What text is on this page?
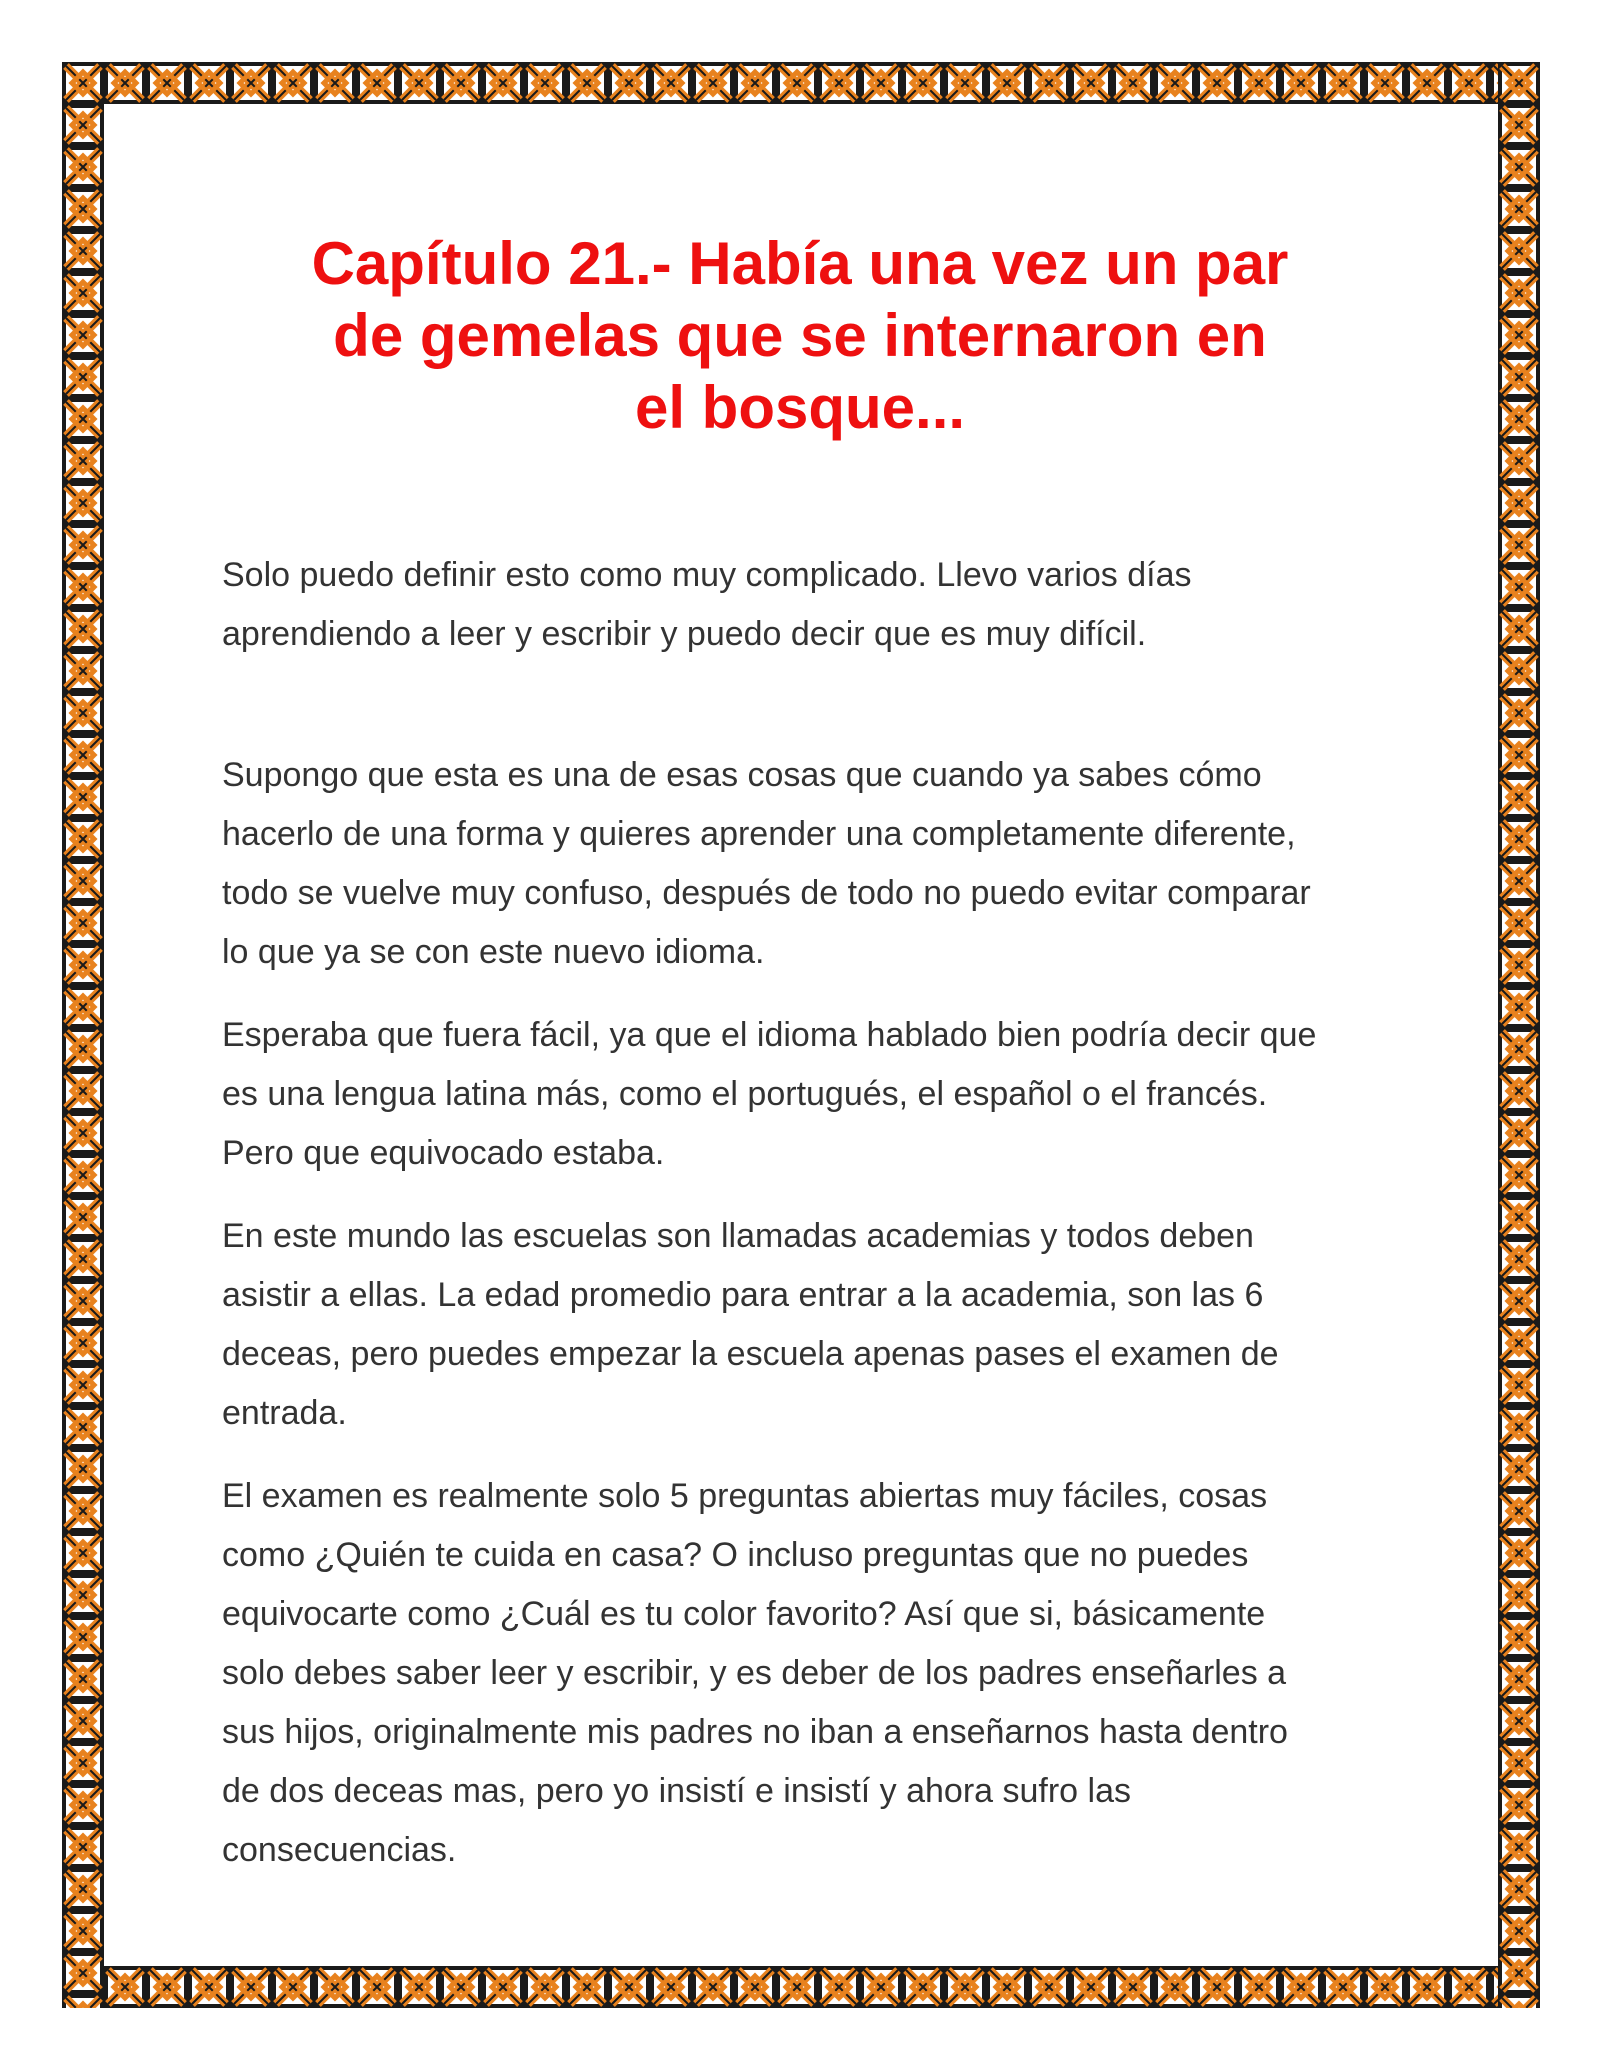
Capítulo 21.- Había una vez un par
de gemelas que se internaron en
el bosque...

Solo puedo definir esto como muy complicado. Llevo varios días
aprendiendo a leer y escribir y puedo decir que es muy difícil.

Supongo que esta es una de esas cosas que cuando ya sabes cómo
hacerlo de una forma y quieres aprender una completamente diferente,
todo se vuelve muy confuso, después de todo no puedo evitar comparar
lo que ya se con este nuevo idioma.

Esperaba que fuera fácil, ya que el idioma hablado bien podría decir que
es una lengua latina más, como el portugués, el español o el francés.
Pero que equivocado estaba.

En este mundo las escuelas son llamadas academias y todos deben
asistir a ellas. La edad promedio para entrar a la academia, son las 6
deceas, pero puedes empezar la escuela apenas pases el examen de
entrada.

El examen es realmente solo 5 preguntas abiertas muy fáciles, cosas
como ¿Quién te cuida en casa? O incluso preguntas que no puedes
equivocarte como ¿Cuál es tu color favorito? Así que si, básicamente
solo debes saber leer y escribir, y es deber de los padres enseñarles a
sus hijos, originalmente mis padres no iban a enseñarnos hasta dentro
de dos deceas mas, pero yo insistí e insistí y ahora sufro las
consecuencias.
